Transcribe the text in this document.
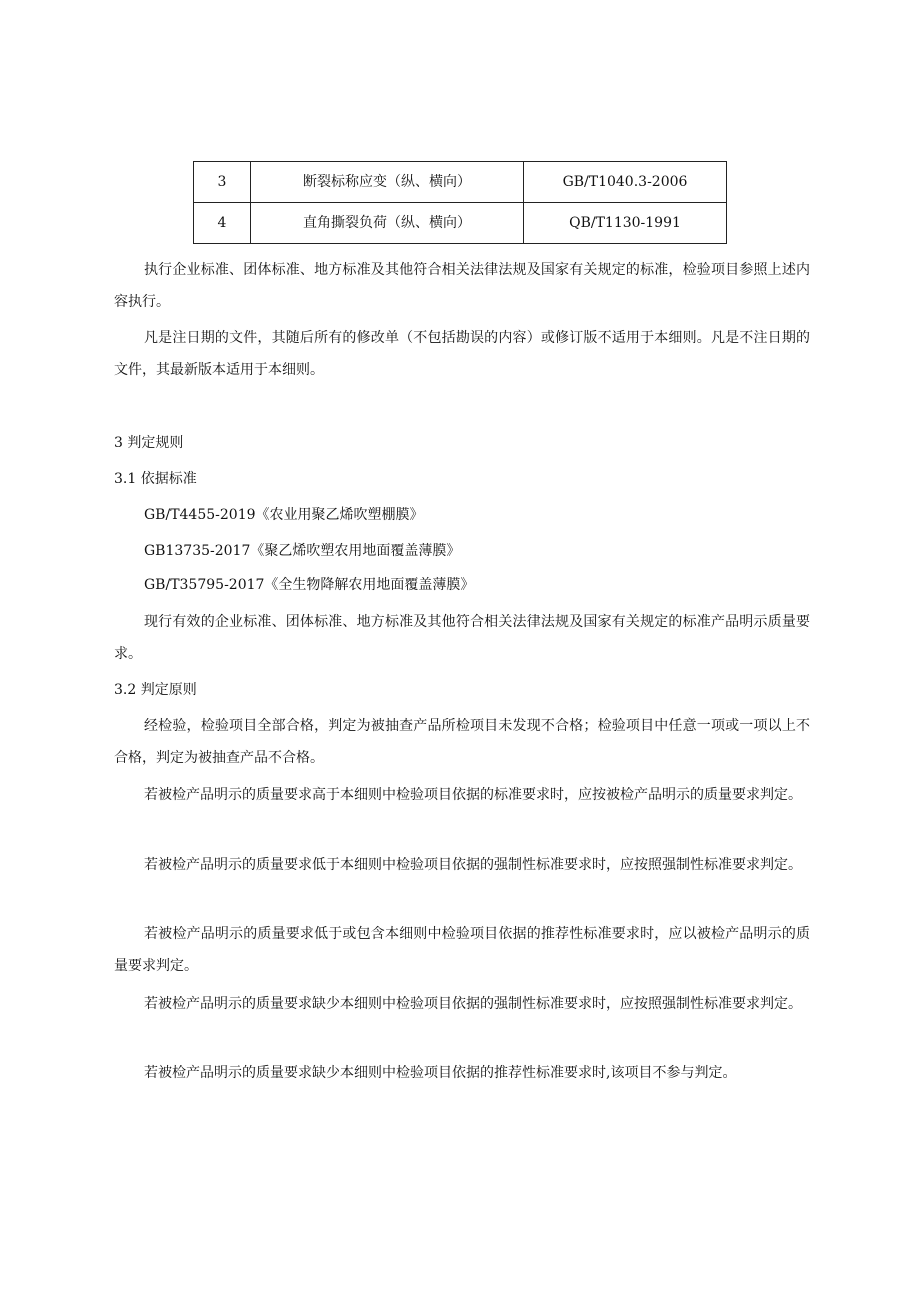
3	断裂标称应变（纵、横向）	GB/T1040.3-2006
4	直角撕裂负荷（纵、横向）	QB/T1130-1991

执行企业标准、团体标准、地方标准及其他符合相关法律法规及国家有关规定的标准，检验项目参照上述内容执行。

凡是注日期的文件，其随后所有的修改单（不包括勘误的内容）或修订版不适用于本细则。凡是不注日期的文件，其最新版本适用于本细则。

3 判定规则

3.1 依据标准

GB/T4455-2019《农业用聚乙烯吹塑棚膜》

GB13735-2017《聚乙烯吹塑农用地面覆盖薄膜》

GB/T35795-2017《全生物降解农用地面覆盖薄膜》

现行有效的企业标准、团体标准、地方标准及其他符合相关法律法规及国家有关规定的标准产品明示质量要求。

3.2 判定原则

经检验，检验项目全部合格，判定为被抽查产品所检项目未发现不合格；检验项目中任意一项或一项以上不合格，判定为被抽查产品不合格。

若被检产品明示的质量要求高于本细则中检验项目依据的标准要求时，应按被检产品明示的质量要求判定。

若被检产品明示的质量要求低于本细则中检验项目依据的强制性标准要求时，应按照强制性标准要求判定。

若被检产品明示的质量要求低于或包含本细则中检验项目依据的推荐性标准要求时，应以被检产品明示的质量要求判定。

若被检产品明示的质量要求缺少本细则中检验项目依据的强制性标准要求时，应按照强制性标准要求判定。

若被检产品明示的质量要求缺少本细则中检验项目依据的推荐性标准要求时,该项目不参与判定。
